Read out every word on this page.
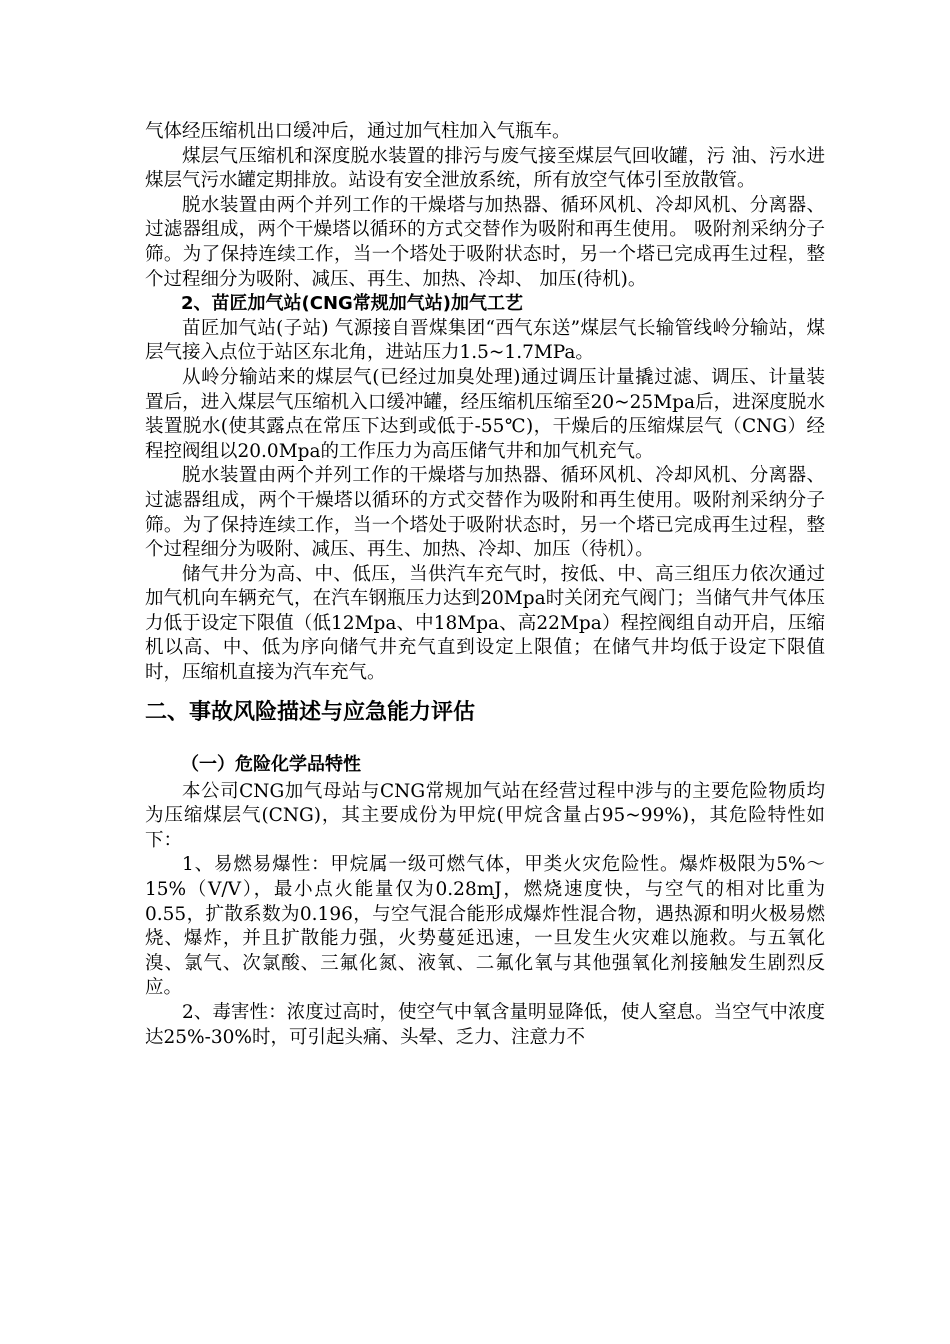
气体经压缩机出口缓冲后，通过加气柱加入气瓶车。

煤层气压缩机和深度脱水装置的排污与废气接至煤层气回收罐，污 油、污水进煤层气污水罐定期排放。站设有安全泄放系统，所有放空气体引至放散管。

脱水装置由两个并列工作的干燥塔与加热器、循环风机、冷却风机、分离器、过滤器组成，两个干燥塔以循环的方式交替作为吸附和再生使用。 吸附剂采纳分子筛。为了保持连续工作，当一个塔处于吸附状态时，另一个塔已完成再生过程，整个过程细分为吸附、减压、再生、加热、冷却、 加压(待机)。

2、苗匠加气站(CNG常规加气站)加气工艺

苗匠加气站(子站) 气源接自晋煤集团“西气东送”煤层气长输管线岭分输站，煤层气接入点位于站区东北角，进站压力1.5~1.7MPa。

从岭分输站来的煤层气(已经过加臭处理)通过调压计量撬过滤、调压、计量装置后，进入煤层气压缩机入口缓冲罐，经压缩机压缩至20~25Mpa后，进深度脱水装置脱水(使其露点在常压下达到或低于-55℃)，干燥后的压缩煤层气（CNG）经程控阀组以20.0Mpa的工作压力为高压储气井和加气机充气。

脱水装置由两个并列工作的干燥塔与加热器、循环风机、冷却风机、分离器、过滤器组成，两个干燥塔以循环的方式交替作为吸附和再生使用。吸附剂采纳分子筛。为了保持连续工作，当一个塔处于吸附状态时，另一个塔已完成再生过程，整个过程细分为吸附、减压、再生、加热、冷却、加压（待机）。

储气井分为高、中、低压，当供汽车充气时，按低、中、高三组压力依次通过加气机向车辆充气，在汽车钢瓶压力达到20Mpa时关闭充气阀门；当储气井气体压力低于设定下限值（低12Mpa、中18Mpa、高22Mpa）程控阀组自动开启，压缩机以高、中、低为序向储气井充气直到设定上限值；在储气井均低于设定下限值时，压缩机直接为汽车充气。

二、事故风险描述与应急能力评估

（一）危险化学品特性

本公司CNG加气母站与CNG常规加气站在经营过程中涉与的主要危险物质均为压缩煤层气(CNG)，其主要成份为甲烷(甲烷含量占95~99%)，其危险特性如下：

1、易燃易爆性：甲烷属一级可燃气体，甲类火灾危险性。爆炸极限为5%～15%（V/V），最小点火能量仅为0.28mJ，燃烧速度快，与空气的相对比重为0.55，扩散系数为0.196，与空气混合能形成爆炸性混合物，遇热源和明火极易燃烧、爆炸，并且扩散能力强，火势蔓延迅速，一旦发生火灾难以施救。与五氧化溴、氯气、次氯酸、三氟化氮、液氧、二氟化氧与其他强氧化剂接触发生剧烈反应。

2、毒害性：浓度过高时，使空气中氧含量明显降低，使人窒息。当空气中浓度达25%-30%时，可引起头痛、头晕、乏力、注意力不
